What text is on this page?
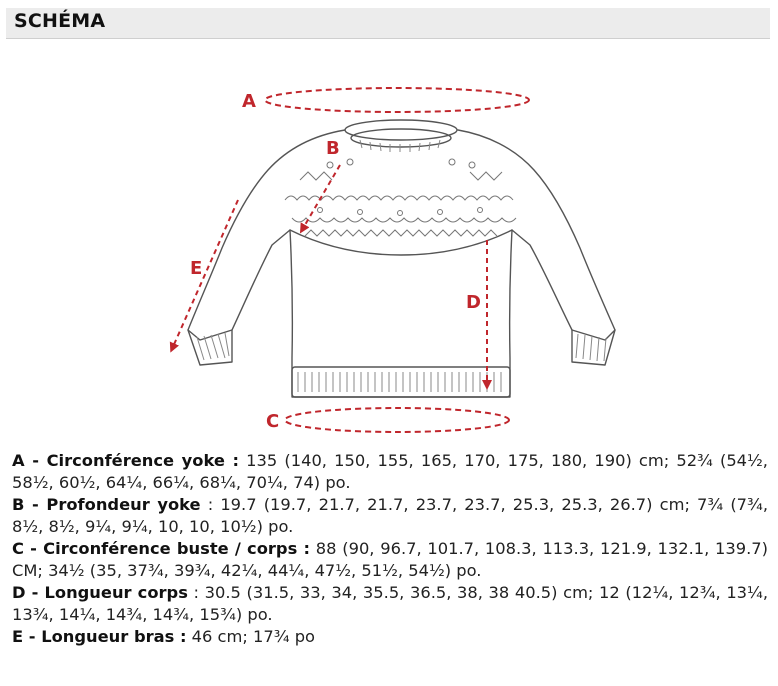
SCHÉMA
A
B
C
D
E

A - Circonférence yoke : 135 (140, 150, 155, 165, 170, 175, 180, 190) cm; 52¾ (54½, 58½, 60½, 64¼, 66¼, 68¼, 70¼, 74) po.

B - Profondeur yoke : 19.7 (19.7, 21.7, 21.7, 23.7, 23.7, 25.3, 25.3, 26.7) cm; 7¾ (7¾, 8½, 8½, 9¼, 9¼, 10, 10, 10½) po.

C - Circonférence buste / corps : 88 (90, 96.7, 101.7, 108.3, 113.3, 121.9, 132.1, 139.7) CM; 34½ (35, 37¾, 39¾, 42¼, 44¼, 47½, 51½, 54½) po.

D - Longueur corps : 30.5 (31.5, 33, 34, 35.5, 36.5, 38, 38 40.5) cm; 12 (12¼, 12¾, 13¼, 13¾, 14¼, 14¾, 14¾, 15¾) po.

E - Longueur bras : 46 cm; 17¾ po
